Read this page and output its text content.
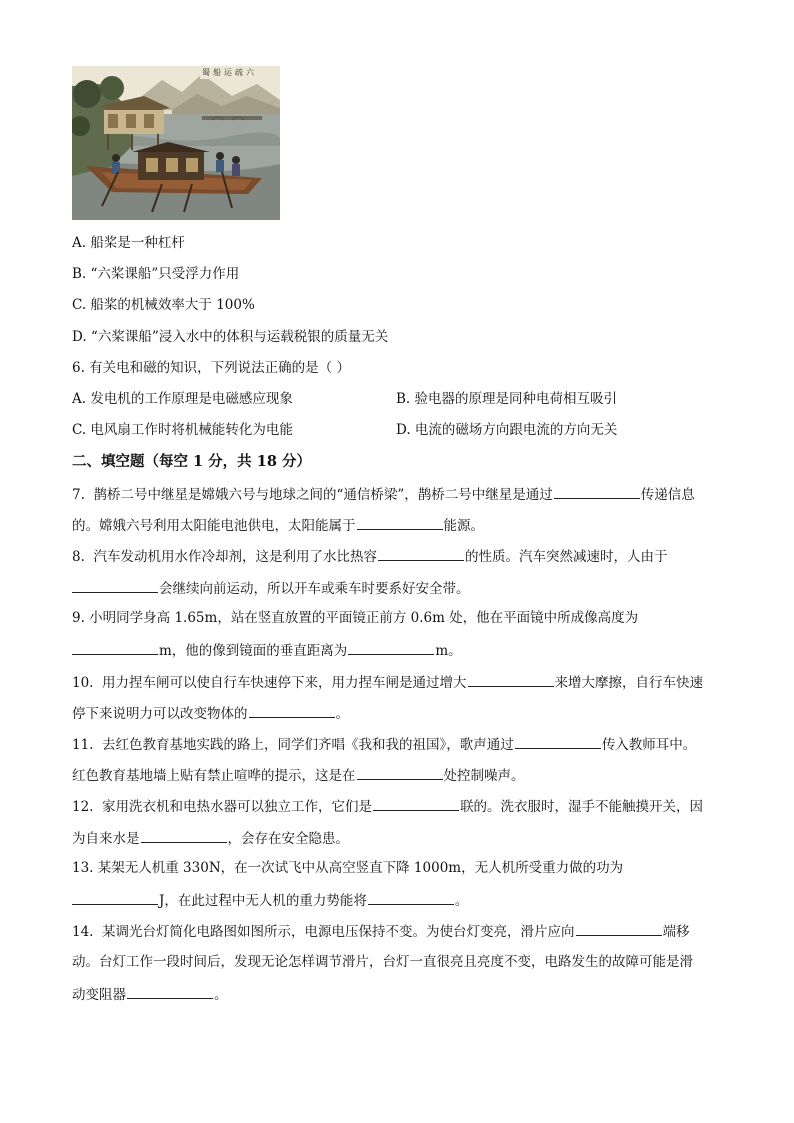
蜀船运疏六
A. 船桨是一种杠杆
B. “六桨课船”只受浮力作用
C. 船桨的机械效率大于 100%
D. “六桨课船”浸入水中的体积与运载税银的质量无关
6. 有关电和磁的知识，下列说法正确的是（ ）
A. 发电机的工作原理是电磁感应现象	B. 验电器的原理是同种电荷相互吸引
C. 电风扇工作时将机械能转化为电能	D. 电流的磁场方向跟电流的方向无关
二、填空题（每空 1 分，共 18 分）
7.  鹊桥二号中继星是嫦娥六号与地球之间的“通信桥梁”，鹊桥二号中继星是通过	传递信息
的。嫦娥六号利用太阳能电池供电，太阳能属于	能源。
8.  汽车发动机用水作冷却剂，这是利用了水比热容	的性质。汽车突然减速时，人由于
会继续向前运动，所以开车或乘车时要系好安全带。
9. 小明同学身高 1.65m，站在竖直放置的平面镜正前方 0.6m 处，他在平面镜中所成像高度为
m，他的像到镜面的垂直距离为	m。
10.  用力捏车闸可以使自行车快速停下来，用力捏车闸是通过增大	来增大摩擦，自行车快速
停下来说明力可以改变物体的	。
11.  去红色教育基地实践的路上，同学们齐唱《我和我的祖国》，歌声通过	传入教师耳中。
红色教育基地墙上贴有禁止喧哗的提示，这是在	处控制噪声。
12.  家用洗衣机和电热水器可以独立工作，它们是	联的。洗衣服时，湿手不能触摸开关，因
为自来水是	，会存在安全隐患。
13. 某架无人机重 330N，在一次试飞中从高空竖直下降 1000m，无人机所受重力做的功为
J，在此过程中无人机的重力势能将	。
14.  某调光台灯简化电路图如图所示，电源电压保持不变。为使台灯变亮，滑片应向	端移
动。台灯工作一段时间后，发现无论怎样调节滑片，台灯一直很亮且亮度不变，电路发生的故障可能是滑
动变阻器	。
